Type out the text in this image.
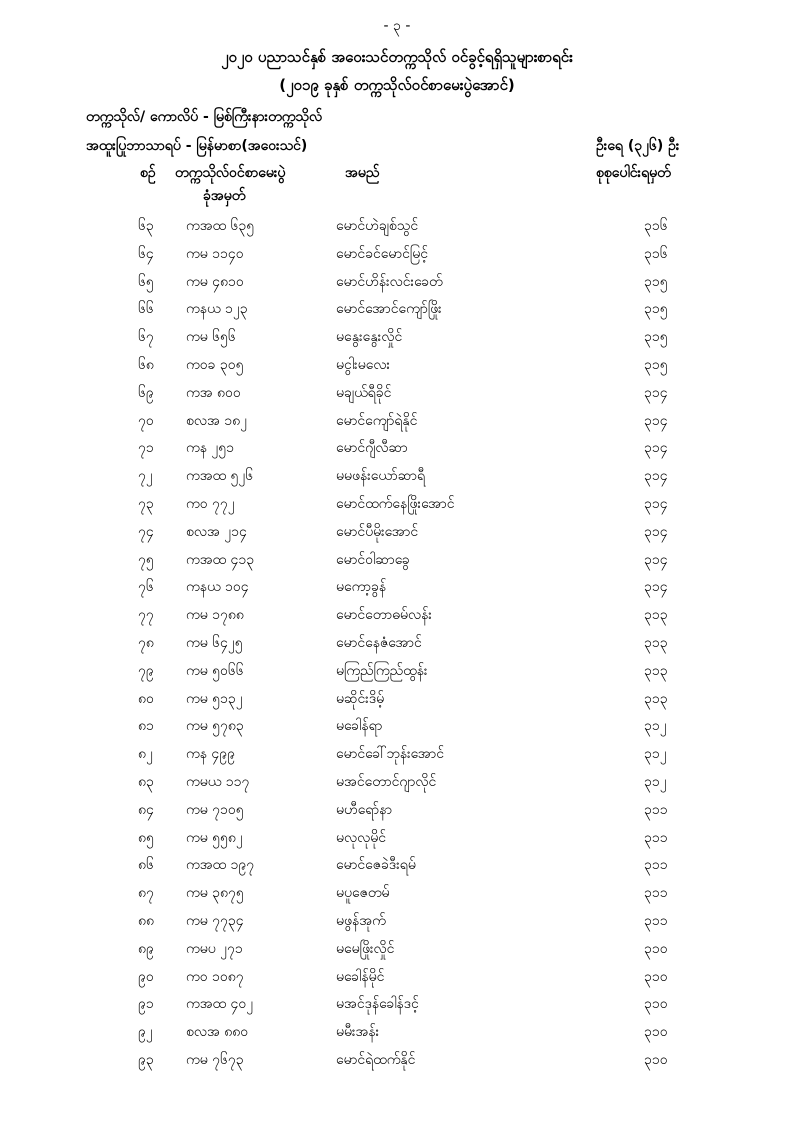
- ၃ -
၂၀၂၀ ပညာသင်နှစ် အဝေးသင်တက္ကသိုလ် ဝင်ခွင့်ရရှိသူများစာရင်း
(၂၀၁၉ ခုနှစ် တက္ကသိုလ်ဝင်စာမေးပွဲအောင်)
တက္ကသိုလ်/ ကောလိပ် - မြစ်ကြီးနားတက္ကသိုလ်
အထူးပြုဘာသာရပ် - မြန်မာစာ(အဝေးသင်)	ဦးရေ (၃၂၆) ဦး
စဉ် တက္ကသိုလ်ဝင်စာမေးပွဲ
ခုံအမှတ်
အမည်	စုစုပေါင်းရမှတ်
၆၃ ကအထ ၆၃၅	မောင်ဟဲချစ်သွင်	၃၁၆
၆၄ ကမ ၁၁၄၀	မောင်ခင်မောင်မြင့်	၃၁၆
၆၅ ကမ ၄၈၁၀	မောင်ဟိန်းလင်းခေတ်	၃၁၅
၆၆ ကနယ ၁၂၃	မောင်အောင်ကျော်ဖြိုး	၃၁၅
၆၇ ကမ ၆၅၆	မနွေးနွေးလှိုင်	၃၁၅
၆၈ ကဝခ ၃၀၅	မငွါးမလေး	၃၁၅
၆၉ ကအ ၈၀၀	မချယ်ရီခိုင်	၃၁၄
၇၀ စလအ ၁၈၂	မောင်ကျော်ရဲနိုင်	၃၁၄
၇၁ ကန ၂၅၁	မောင်ဂျီလီဆာ	၃၁၄
၇၂ ကအထ ၅၂၆	မမဖန်းယော်ဆာရီ	၃၁၄
၇၃ ကဝ ၇၇၂	မောင်ထက်နေဖြိုးအောင်	၃၁၄
၇၄ စလအ ၂၁၄	မောင်ပီမိုးအောင်	၃၁၄
၇၅ ကအထ ၄၁၃	မောင်ဝါဆာခွေ	၃၁၄
၇၆ ကနယ ၁၀၄	မကော့ခွန်	၃၁၄
၇၇ ကမ ၁၇၈၈	မောင်တောဓမ်လန်း	၃၁၃
၇၈ ကမ ၆၄၂၅	မောင်နေဇံအောင်	၃၁၃
၇၉ ကမ ၅၀၆၆	မကြည်ကြည်ထွန်း	၃၁၃
၈၀ ကမ ၅၁၃၂	မဆိုင်းဒိမ့်	၃၁၃
၈၁ ကမ ၅၇၈၃	မခေါန်ရာ	၃၁၂
၈၂ ကန ၄၉၉	မောင်ခေါ်ဘုန်းအောင်	၃၁၂
၈၃ ကမယ ၁၁၇	မအင်တောင်ဂျာလိုင်	၃၁၂
၈၄ ကမ ၇၁၀၅	မဟီရော်နာ	၃၁၁
၈၅ ကမ ၅၅၈၂	မလုလုမိုင်	၃၁၁
၈၆ ကအထ ၁၉၇	မောင်ဇေခဲဒီးရမ်	၃၁၁
၈၇ ကမ ၃၈၇၅	မပူဇေတမ်	၃၁၁
၈၈ ကမ ၇၇၃၄	မဖွန်အုက်	၃၁၁
၈၉ ကမပ ၂၇၁	မမေဖြိုးလှိုင်	၃၁၀
၉၀ ကဝ ၁၀၈၇	မခေါန်မိုင်	၃၁၀
၉၁ ကအထ ၄၀၂	မအင်ဒုန်ခေါန်ဒင့်	၃၁၀
၉၂ စလအ ၈၈၀	မမီးအန်း	၃၁၀
၉၃ ကမ ၇၆၇၃	မောင်ရဲထက်နိုင်	၃၁၀
